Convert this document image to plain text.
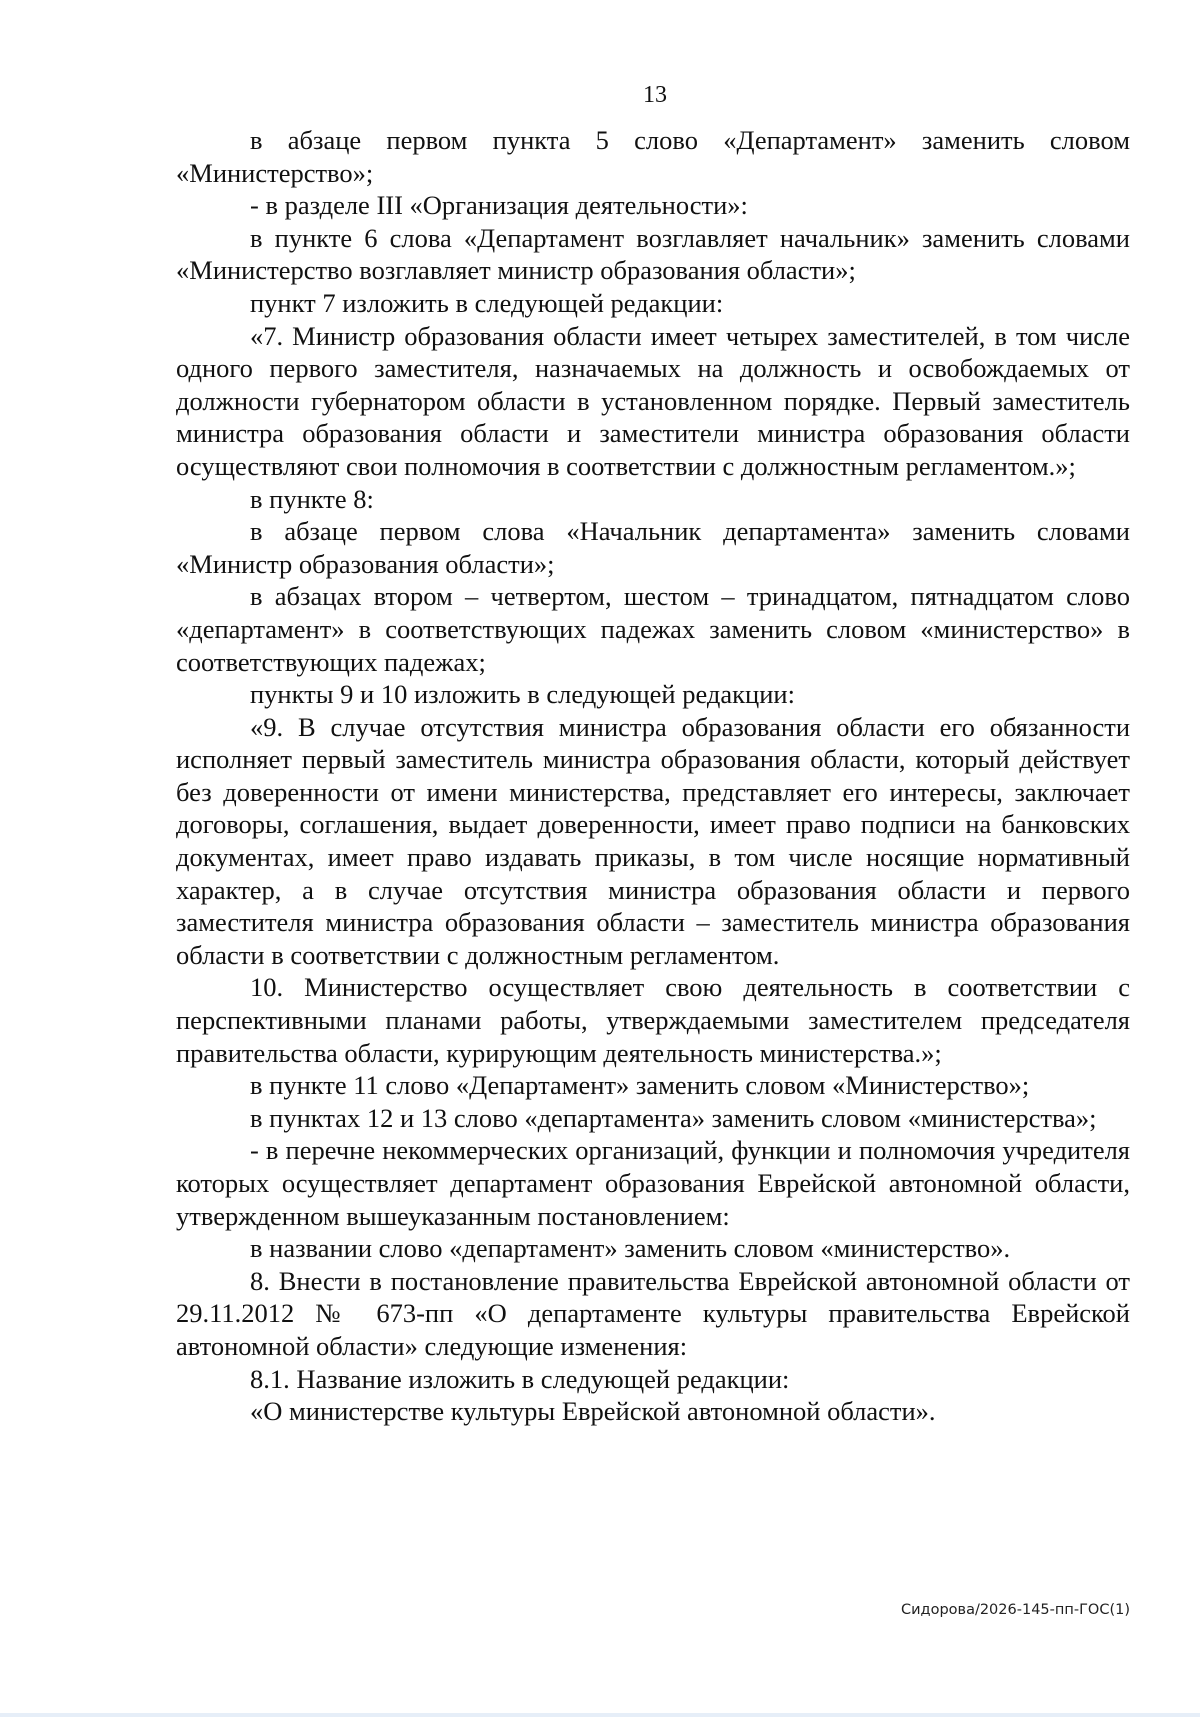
13

в абзаце первом пункта 5 слово «Департамент» заменить словом «Министерство»;

- в разделе III «Организация деятельности»:

в пункте 6 слова «Департамент возглавляет начальник» заменить словами «Министерство возглавляет министр образования области»;

пункт 7 изложить в следующей редакции:

«7. Министр образования области имеет четырех заместителей, в том числе одного первого заместителя, назначаемых на должность и освобождаемых от должности губернатором области в установленном порядке. Первый заместитель министра образования области и заместители министра образования области осуществляют свои полномочия в соответствии с должностным регламентом.»;

в пункте 8:

в абзаце первом слова «Начальник департамента» заменить словами «Министр образования области»;

в абзацах втором – четвертом, шестом – тринадцатом, пятнадцатом слово «департамент» в соответствующих падежах заменить словом «министерство» в соответствующих падежах;

пункты 9 и 10 изложить в следующей редакции:

«9. В случае отсутствия министра образования области его обязанности исполняет первый заместитель министра образования области, который действует без доверенности от имени министерства, представляет его интересы, заключает договоры, соглашения, выдает доверенности, имеет право подписи на банковских документах, имеет право издавать приказы, в том числе носящие нормативный характер, а в случае отсутствия министра образования области и первого заместителя министра образования области – заместитель министра образования области в соответствии с должностным регламентом.

10. Министерство осуществляет свою деятельность в соответствии с перспективными планами работы, утверждаемыми заместителем председателя правительства области, курирующим деятельность министерства.»;

в пункте 11 слово «Департамент» заменить словом «Министерство»;

в пунктах 12 и 13 слово «департамента» заменить словом «министерства»;

- в перечне некоммерческих организаций, функции и полномочия учредителя которых осуществляет департамент образования Еврейской автономной области, утвержденном вышеуказанным постановлением:

в названии слово «департамент» заменить словом «министерство».

8. Внести в постановление правительства Еврейской автономной области от 29.11.2012 № 673-пп «О департаменте культуры правительства Еврейской автономной области» следующие изменения:

8.1. Название изложить в следующей редакции:

«О министерстве культуры Еврейской автономной области».

Сидорова/2026-145-пп-ГОС(1)
